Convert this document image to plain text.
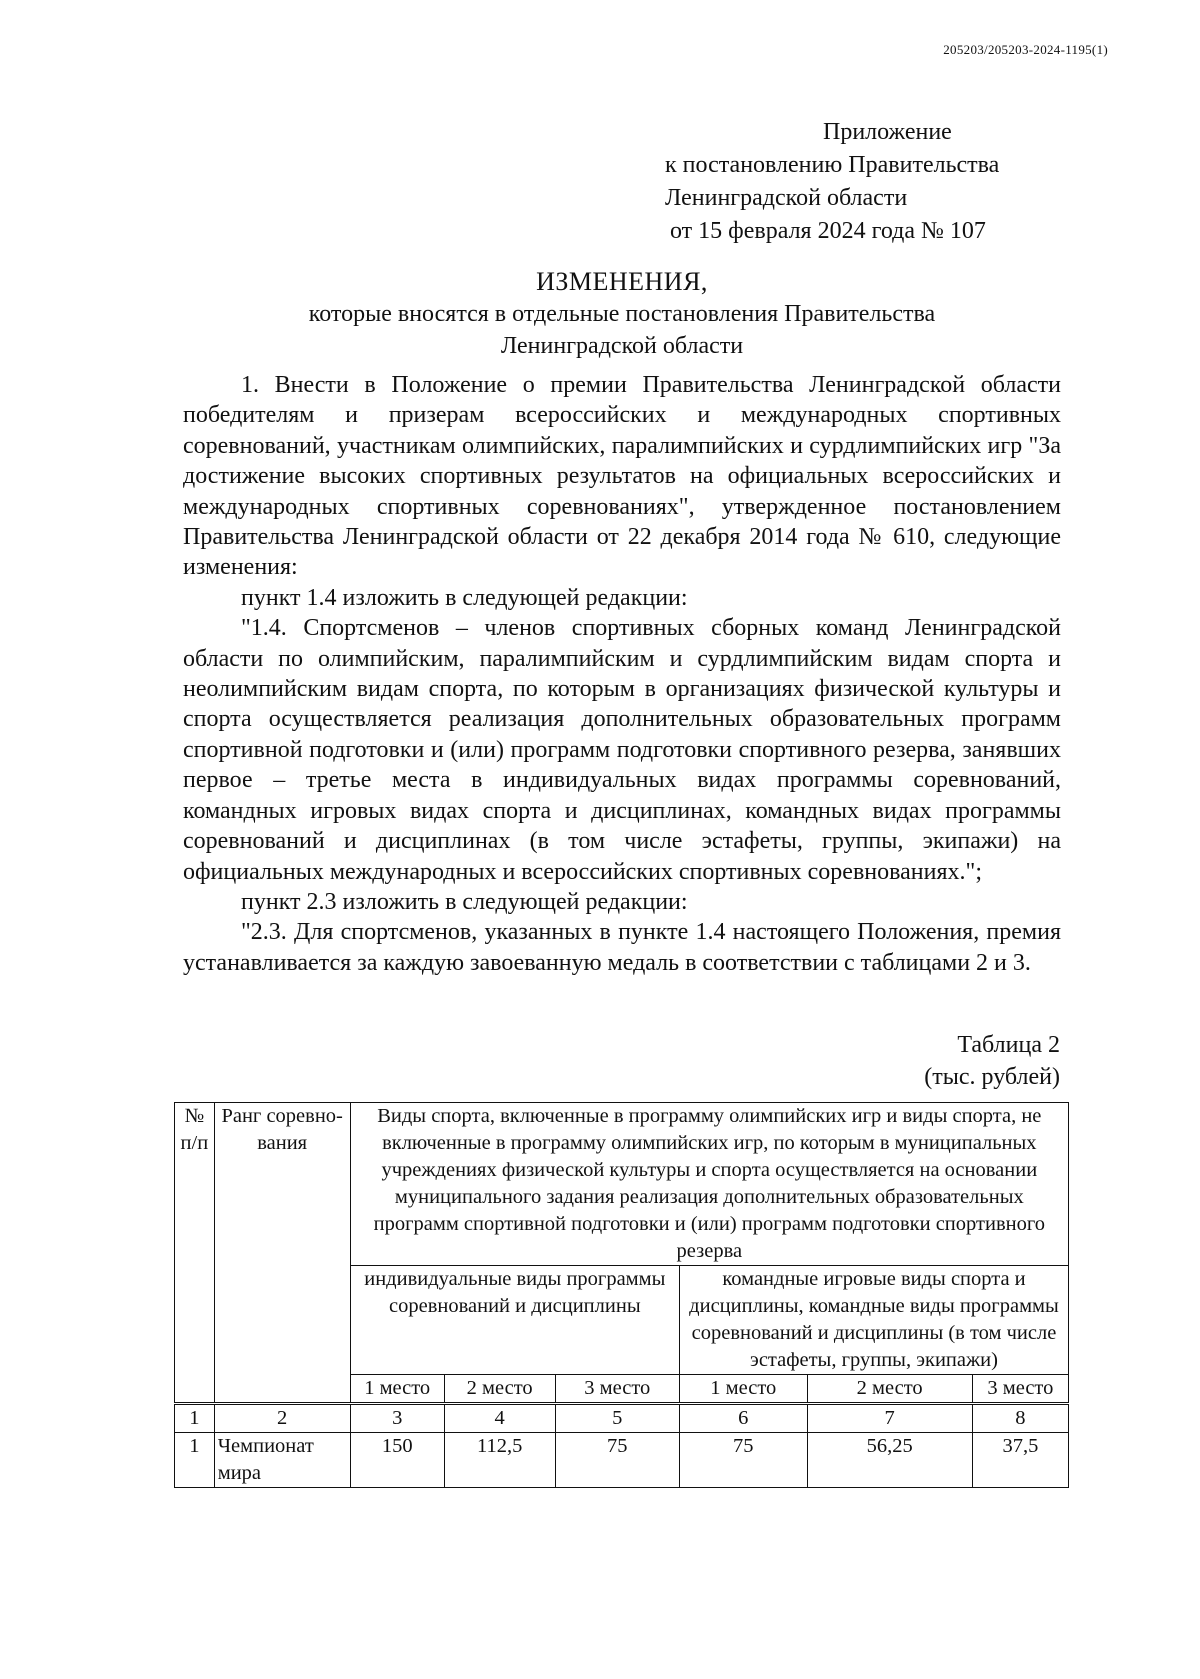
205203/205203-2024-1195(1)
Приложение
к постановлению Правительства
Ленинградской области
от 15 февраля 2024 года № 107
ИЗМЕНЕНИЯ,
которые вносятся в отдельные постановления Правительства
Ленинградской области

1. Внести в Положение о премии Правительства Ленинградской области победителям и призерам всероссийских и международных спортивных соревнований, участникам олимпийских, паралимпийских и сурдлимпийских игр "За достижение высоких спортивных результатов на официальных всероссийских и международных спортивных соревнованиях", утвержденное постановлением Правительства Ленинградской области от 22 декабря 2014 года № 610, следующие изменения:

пункт 1.4 изложить в следующей редакции:

"1.4. Спортсменов – членов спортивных сборных команд Ленинградской области по олимпийским, паралимпийским и сурдлимпийским видам спорта и неолимпийским видам спорта, по которым в организациях физической культуры и спорта осуществляется реализация дополнительных образовательных программ спортивной подготовки и (или) программ подготовки спортивного резерва, занявших первое – третье места в индивидуальных видах программы соревнований, командных игровых видах спорта и дисциплинах, командных видах программы соревнований и дисциплинах (в том числе эстафеты, группы, экипажи) на официальных международных и всероссийских спортивных соревнованиях.";

пункт 2.3 изложить в следующей редакции:

"2.3. Для спортсменов, указанных в пункте 1.4 настоящего Положения, премия устанавливается за каждую завоеванную медаль в соответствии с таблицами 2 и 3.

Таблица 2
(тыс. рублей)
№ п/п	Ранг соревно-вания	Виды спорта, включенные в программу олимпийских игр и виды спорта, не включенные в программу олимпийских игр, по которым в муниципальных учреждениях физической культуры и спорта осуществляется на основании муниципального задания реализация дополнительных образовательных программ спортивной подготовки и (или) программ подготовки спортивного резерва					
		индивидуальные виды программы соревнований и дисциплины			командные игровые виды спорта и дисциплины, командные виды программы соревнований и дисциплины (в том числе эстафеты, группы, экипажи)		
		1 место	2 место	3 место	1 место	2 место	3 место
1	2	3	4	5	6	7	8
1	Чемпионат мира	150	112,5	75	75	56,25	37,5
